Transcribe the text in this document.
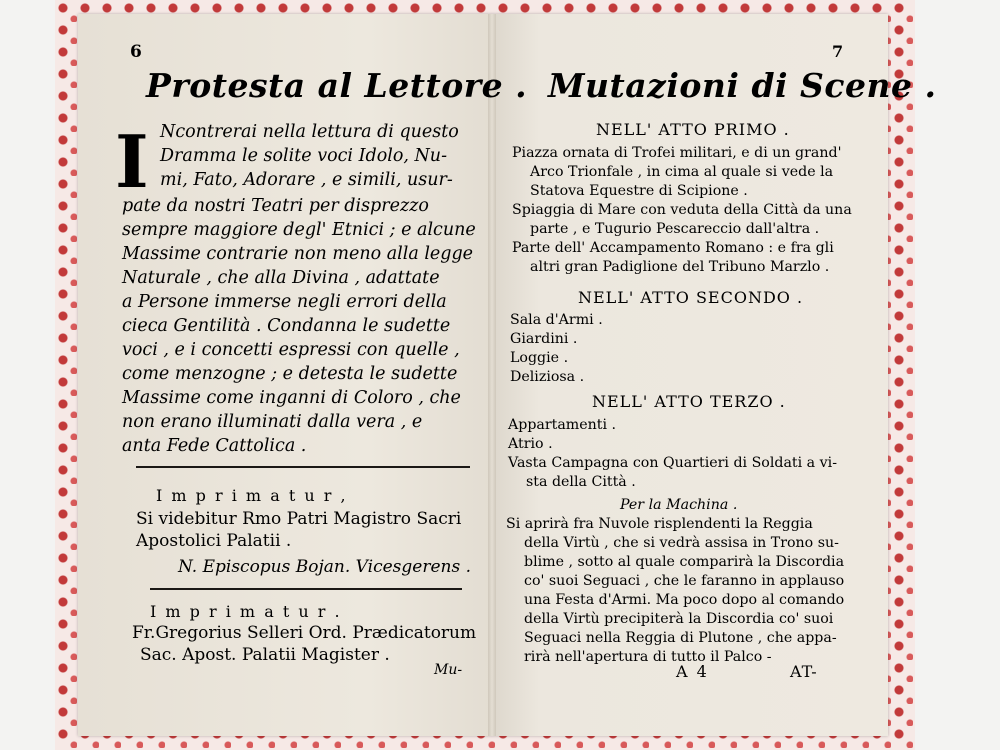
6
Protesta al Lettore .
I Ncontrerai nella lettura di questo
Dramma le solite voci Idolo, Nu-
mi, Fato, Adorare , e simili, usur-
pate da nostri Teatri per disprezzo
sempre maggiore degl' Etnici ; e alcune
Massime contrarie non meno alla legge
Naturale , che alla Divina , adattate
a Persone immerse negli errori della
cieca Gentilità . Condanna le sudette
voci , e i concetti espressi con quelle ,
come menzogne ; e detesta le sudette
Massime come inganni di Coloro , che
non erano illuminati dalla vera , e
anta Fede Cattolica .
I m p r i m a t u r ,
Si videbitur Rmo Patri Magistro Sacri
Apostolici Palatii .
N. Episcopus Bojan. Vicesgerens .
I m p r i m a t u r .
Fr.Gregorius Selleri Ord. Prædicatorum
Sac. Apost. Palatii Magister .
Mu-
7
Mutazioni di Scene .
NELL' ATTO PRIMO .
Piazza ornata di Trofei militari, e di un grand'
Arco Trionfale , in cima al quale si vede la
Statova Equestre di Scipione .
Spiaggia di Mare con veduta della Città da una
parte , e Tugurio Pescareccio dall'altra .
Parte dell' Accampamento Romano : e fra gli
altri gran Padiglione del Tribuno Marzlo .
NELL' ATTO SECONDO .
Sala d'Armi .
Giardini .
Loggie .
Deliziosa .
NELL' ATTO TERZO .
Appartamenti .
Atrio .
Vasta Campagna con Quartieri di Soldati a vi-
sta della Città .
Per la Machina .
Si aprirà fra Nuvole risplendenti la Reggia
della Virtù , che si vedrà assisa in Trono su-
blime , sotto al quale comparirà la Discordia
co' suoi Seguaci , che le faranno in applauso
una Festa d'Armi. Ma poco dopo al comando
della Virtù precipiterà la Discordia co' suoi
Seguaci nella Reggia di Plutone , che appa-
rirà nell'apertura di tutto il Palco -
A 4	AT-
